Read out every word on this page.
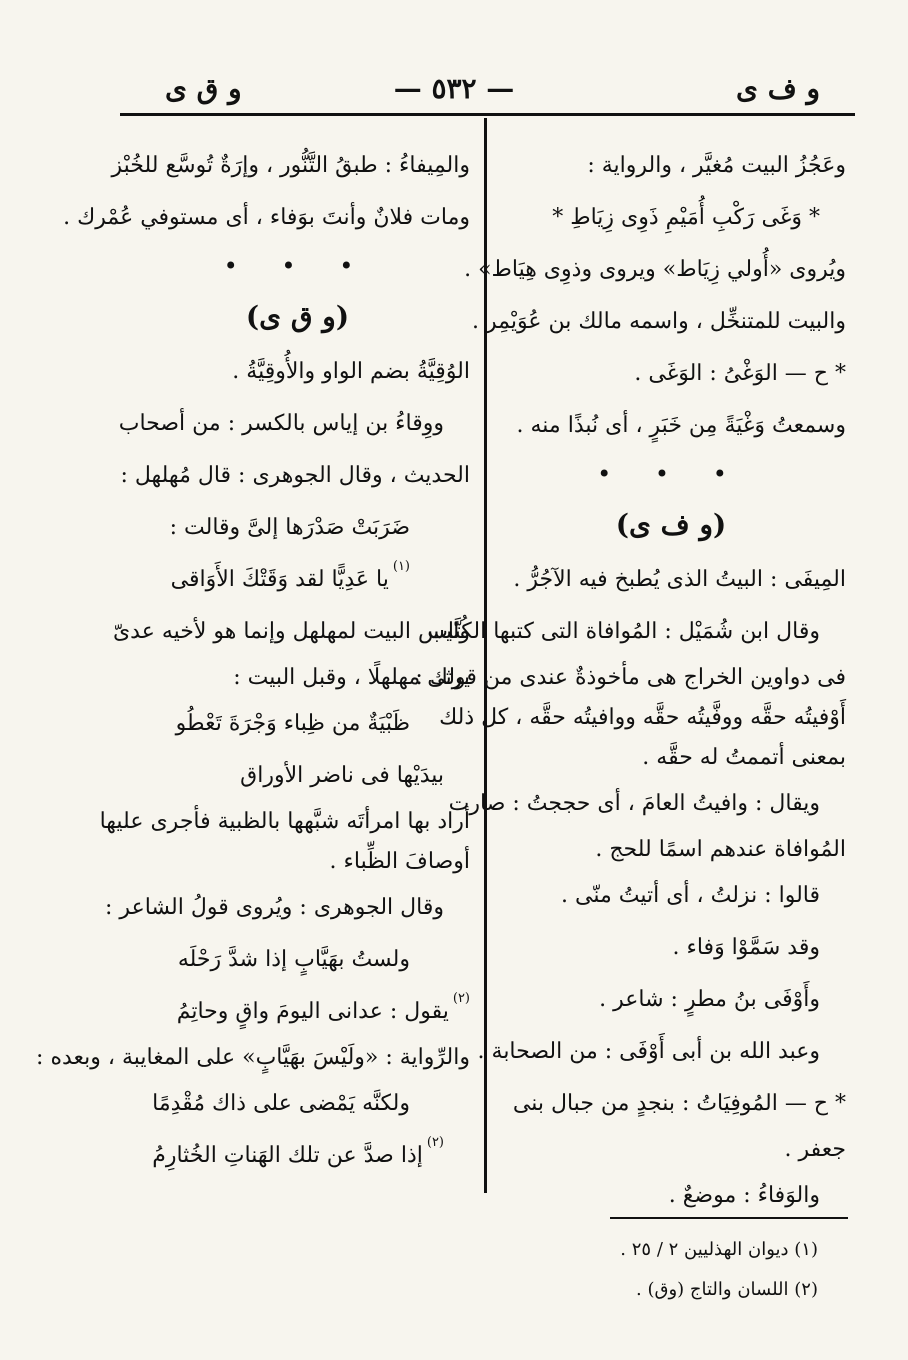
و ف ى
— ٥٣٢ —
و ق ى
وعَجُزُ البيت مُغيَّر ، والرواية :
* وَغَى رَكْبِ أُمَيْمِ ذَوِى زِيَاطِ *
ويُروى «أُولي زِيَاط» ويروى وذوِى هِيَاط» .
والبيت للمتنخِّل ، واسمه مالك بن عُوَيْمِر .
* ح — الوَغْىُ : الوَغَى .
وسمعتُ وَغْيَةً مِن خَبَرٍ ، أى نُبذًا منه .
• • •
(و ف ى)
المِيفَى : البيتُ الذى يُطبخ فيه الآجُرُّ .
وقال ابن شُمَيْل : المُوافاة التى كتبها الكُتَّاب
فى دواوين الخراج هى مأخوذةٌ عندى من قولك :
أَوْفيتُه حقَّه ووفَّيتُه حقَّه ووافيتُه حقَّه ، كل ذلك
بمعنى أتممتُ له حقَّه .
ويقال : وافيتُ العامَ ، أى حججتُ : صارت
المُوافاة عندهم اسمًا للحج .
قالوا : نزلتُ ، أى أتيتُ منّى .
وقد سَمَّوْا وَفاء .
وأَوْفَى بنُ مطرٍ : شاعر .
وعبد الله بن أبى أَوْفَى : من الصحابة .
* ح — المُوفِيَاتُ : بنجدٍ من جبال بنى
جعفر .
والوَفاءُ : موضعٌ .
والمِيفاءُ : طبقُ التَّنُّور ، وإرَةٌ تُوسَّع للخُبْز
ومات فلانٌ وأنتَ بوَفاء ، أى مستوفي عُمْرك .
• • •
(و ق ى)
الوُقِيَّةُ بضم الواو والأُوقِيَّةُ .
ووِقاءُ بن إياس بالكسر : من أصحاب
الحديث ، وقال الجوهرى : قال مُهلهل :
ضَرَبَتْ صَدْرَها إلىَّ وقالت :
$^{(١)}$يا عَدِيًّا لقد وَقَتْكَ الأَوَاقى
وليس البيت لمهلهل وإنما هو لأخيه عدىّ
يرثى مهلهلًا ، وقبل البيت :
ظَبْيَةٌ من ظِباء وَجْرَةَ تَعْطُو
بيدَيْها فى ناضر الأوراق
أراد بها امرأتَه شبَّهها بالظبية فأجرى عليها
أوصافَ الظِّباء .
وقال الجوهرى : ويُروى قولُ الشاعر :
ولستُ بهَيَّابٍ إذا شدَّ رَحْلَه
$^{(٢)}$يقول : عدانى اليومَ واقٍ وحاتِمُ
والرِّواية : «ولَيْسَ بهَيَّابٍ» على المغايبة ، وبعده :
ولكنَّه يَمْضى على ذاك مُقْدِمًا
$^{(٢)}$إذا صدَّ عن تلك الهَناتِ الخُثارِمُ
(١) ديوان الهذليين ٢ / ٢٥ .
(٢) اللسان والتاج (وق) .
